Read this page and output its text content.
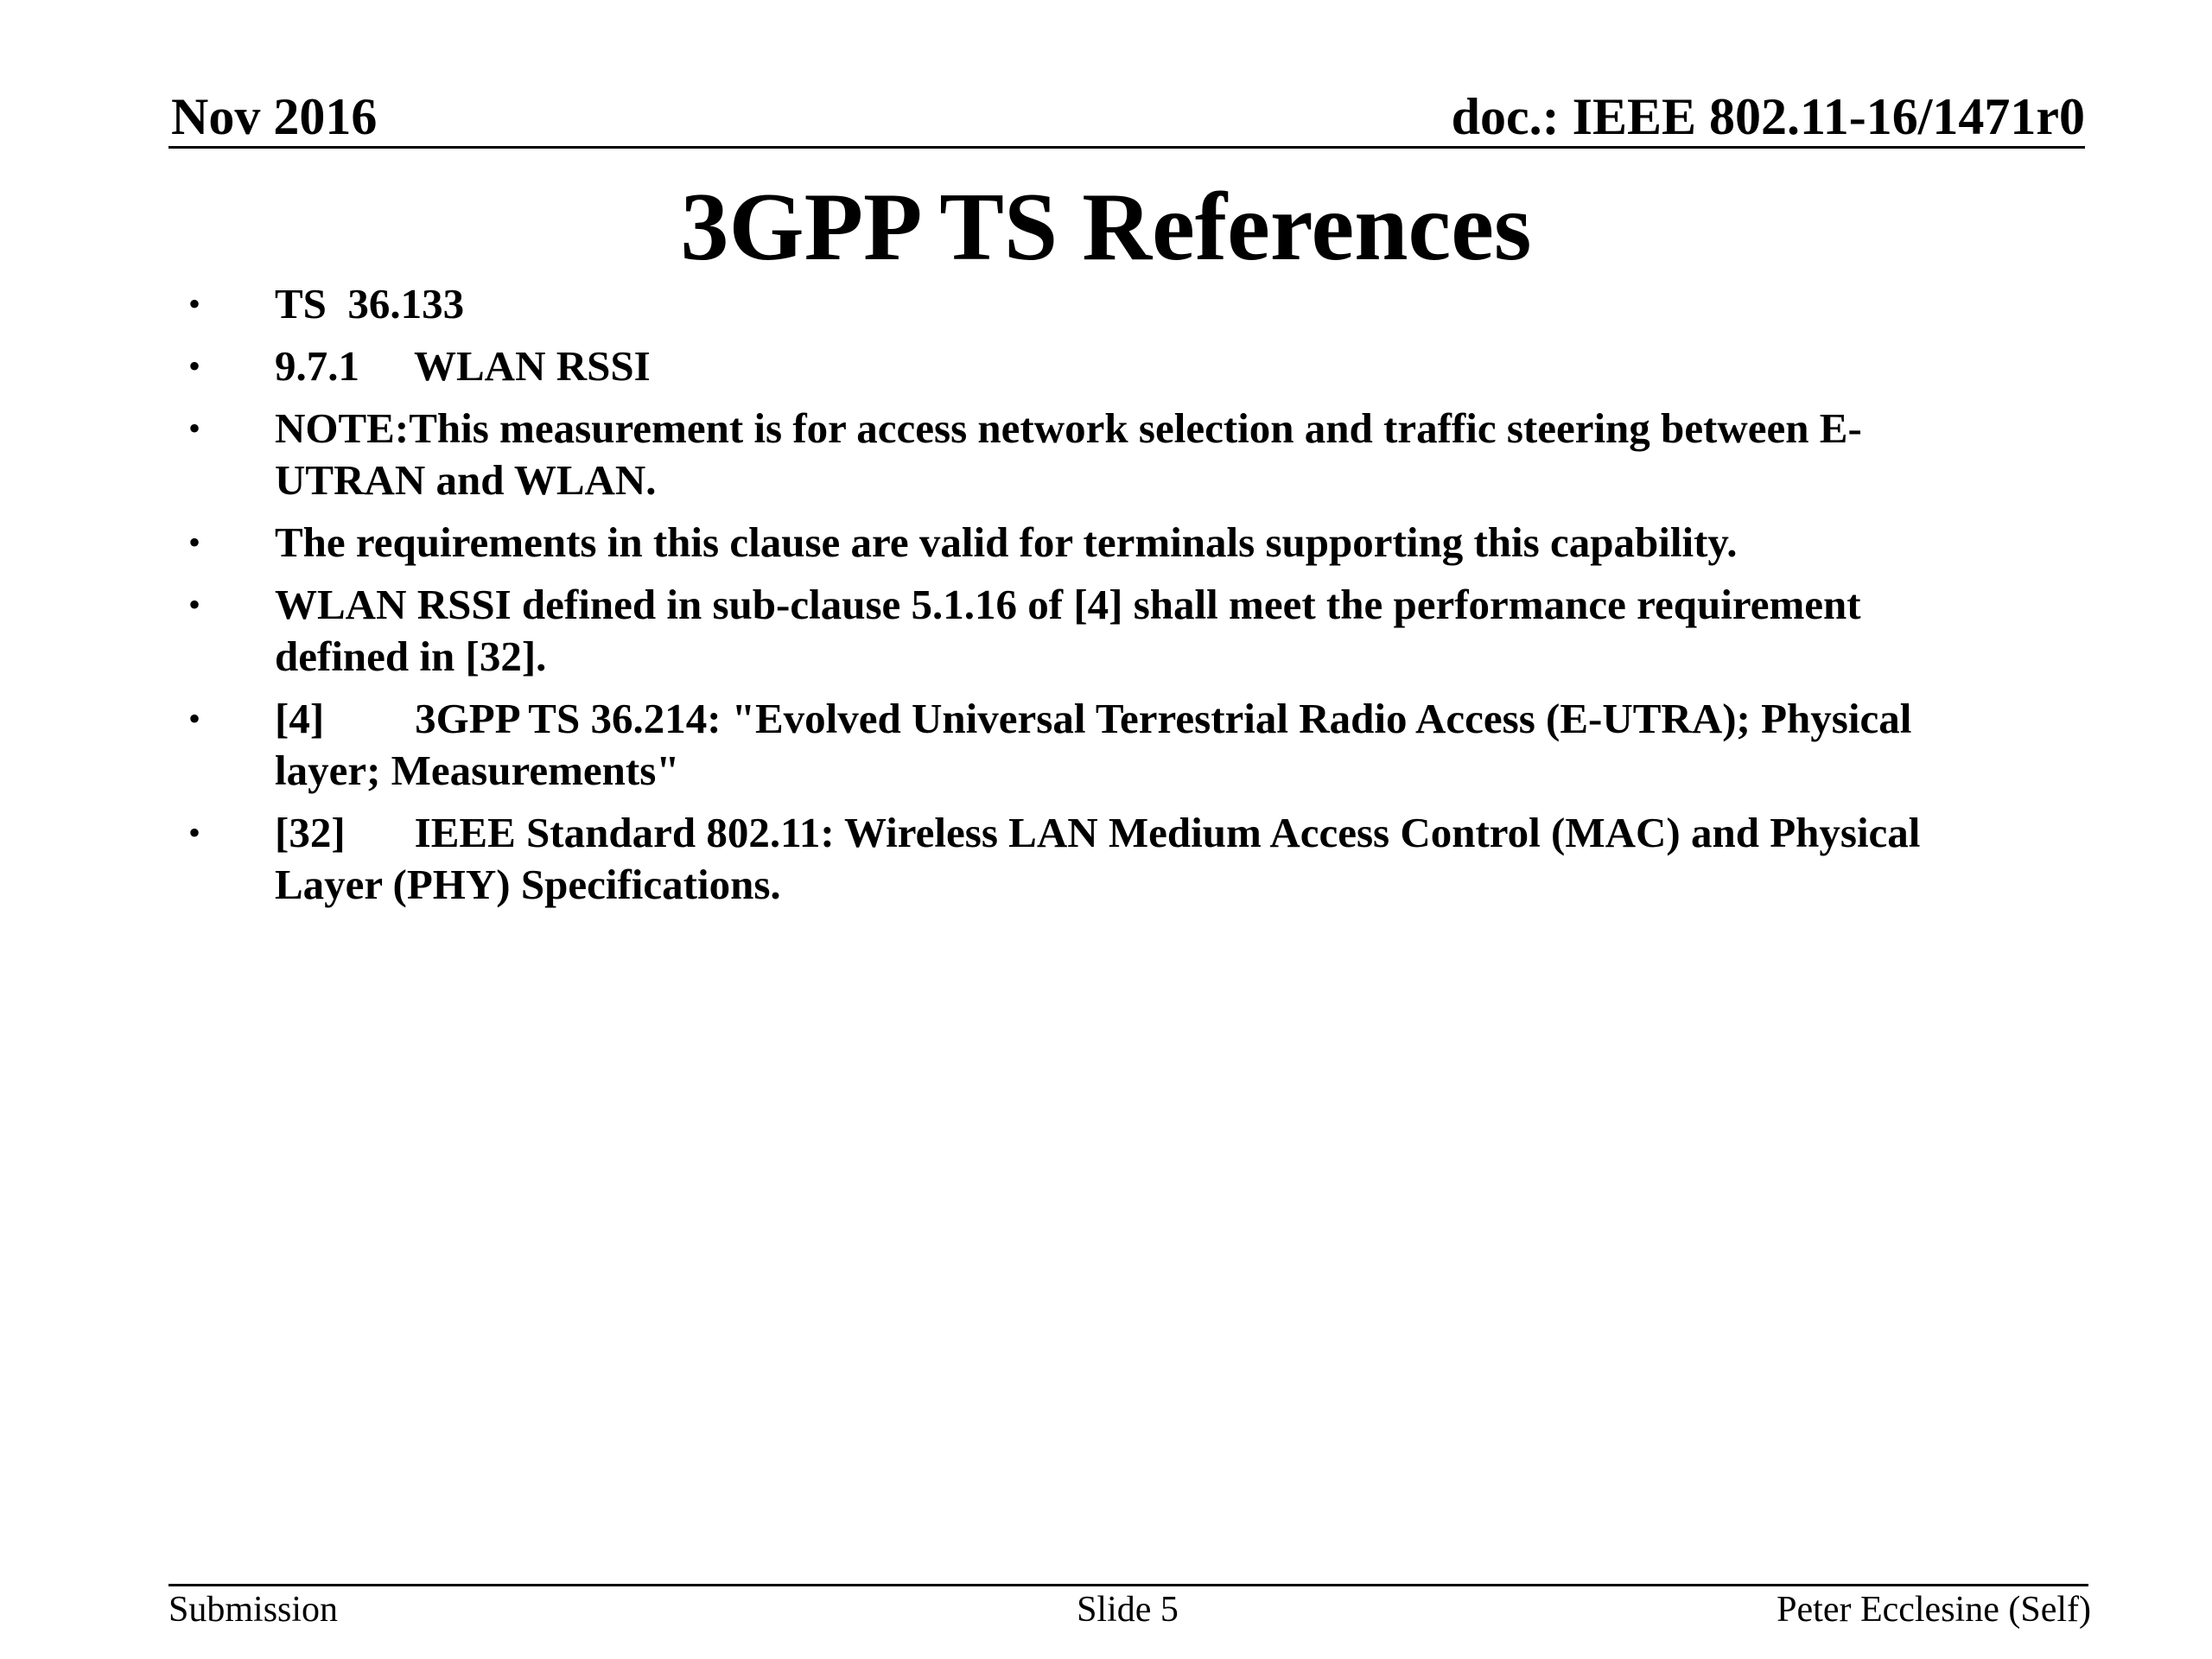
Nov 2016	doc.: IEEE 802.11-16/1471r0
3GPP TS References
• TS  36.133
• 9.7.1 WLAN RSSI
• NOTE:This measurement is for access network selection and traffic steering between E-UTRAN and WLAN.
• The requirements in this clause are valid for terminals supporting this capability.
• WLAN RSSI defined in sub-clause 5.1.16 of [4] shall meet the performance requirement defined in [32].
• [4] 3GPP TS 36.214: "Evolved Universal Terrestrial Radio Access (E-UTRA); Physical layer; Measurements"
• [32] IEEE Standard 802.11: Wireless LAN Medium Access Control (MAC) and Physical Layer (PHY) Specifications.
Submission	Slide 5	Peter Ecclesine (Self)
